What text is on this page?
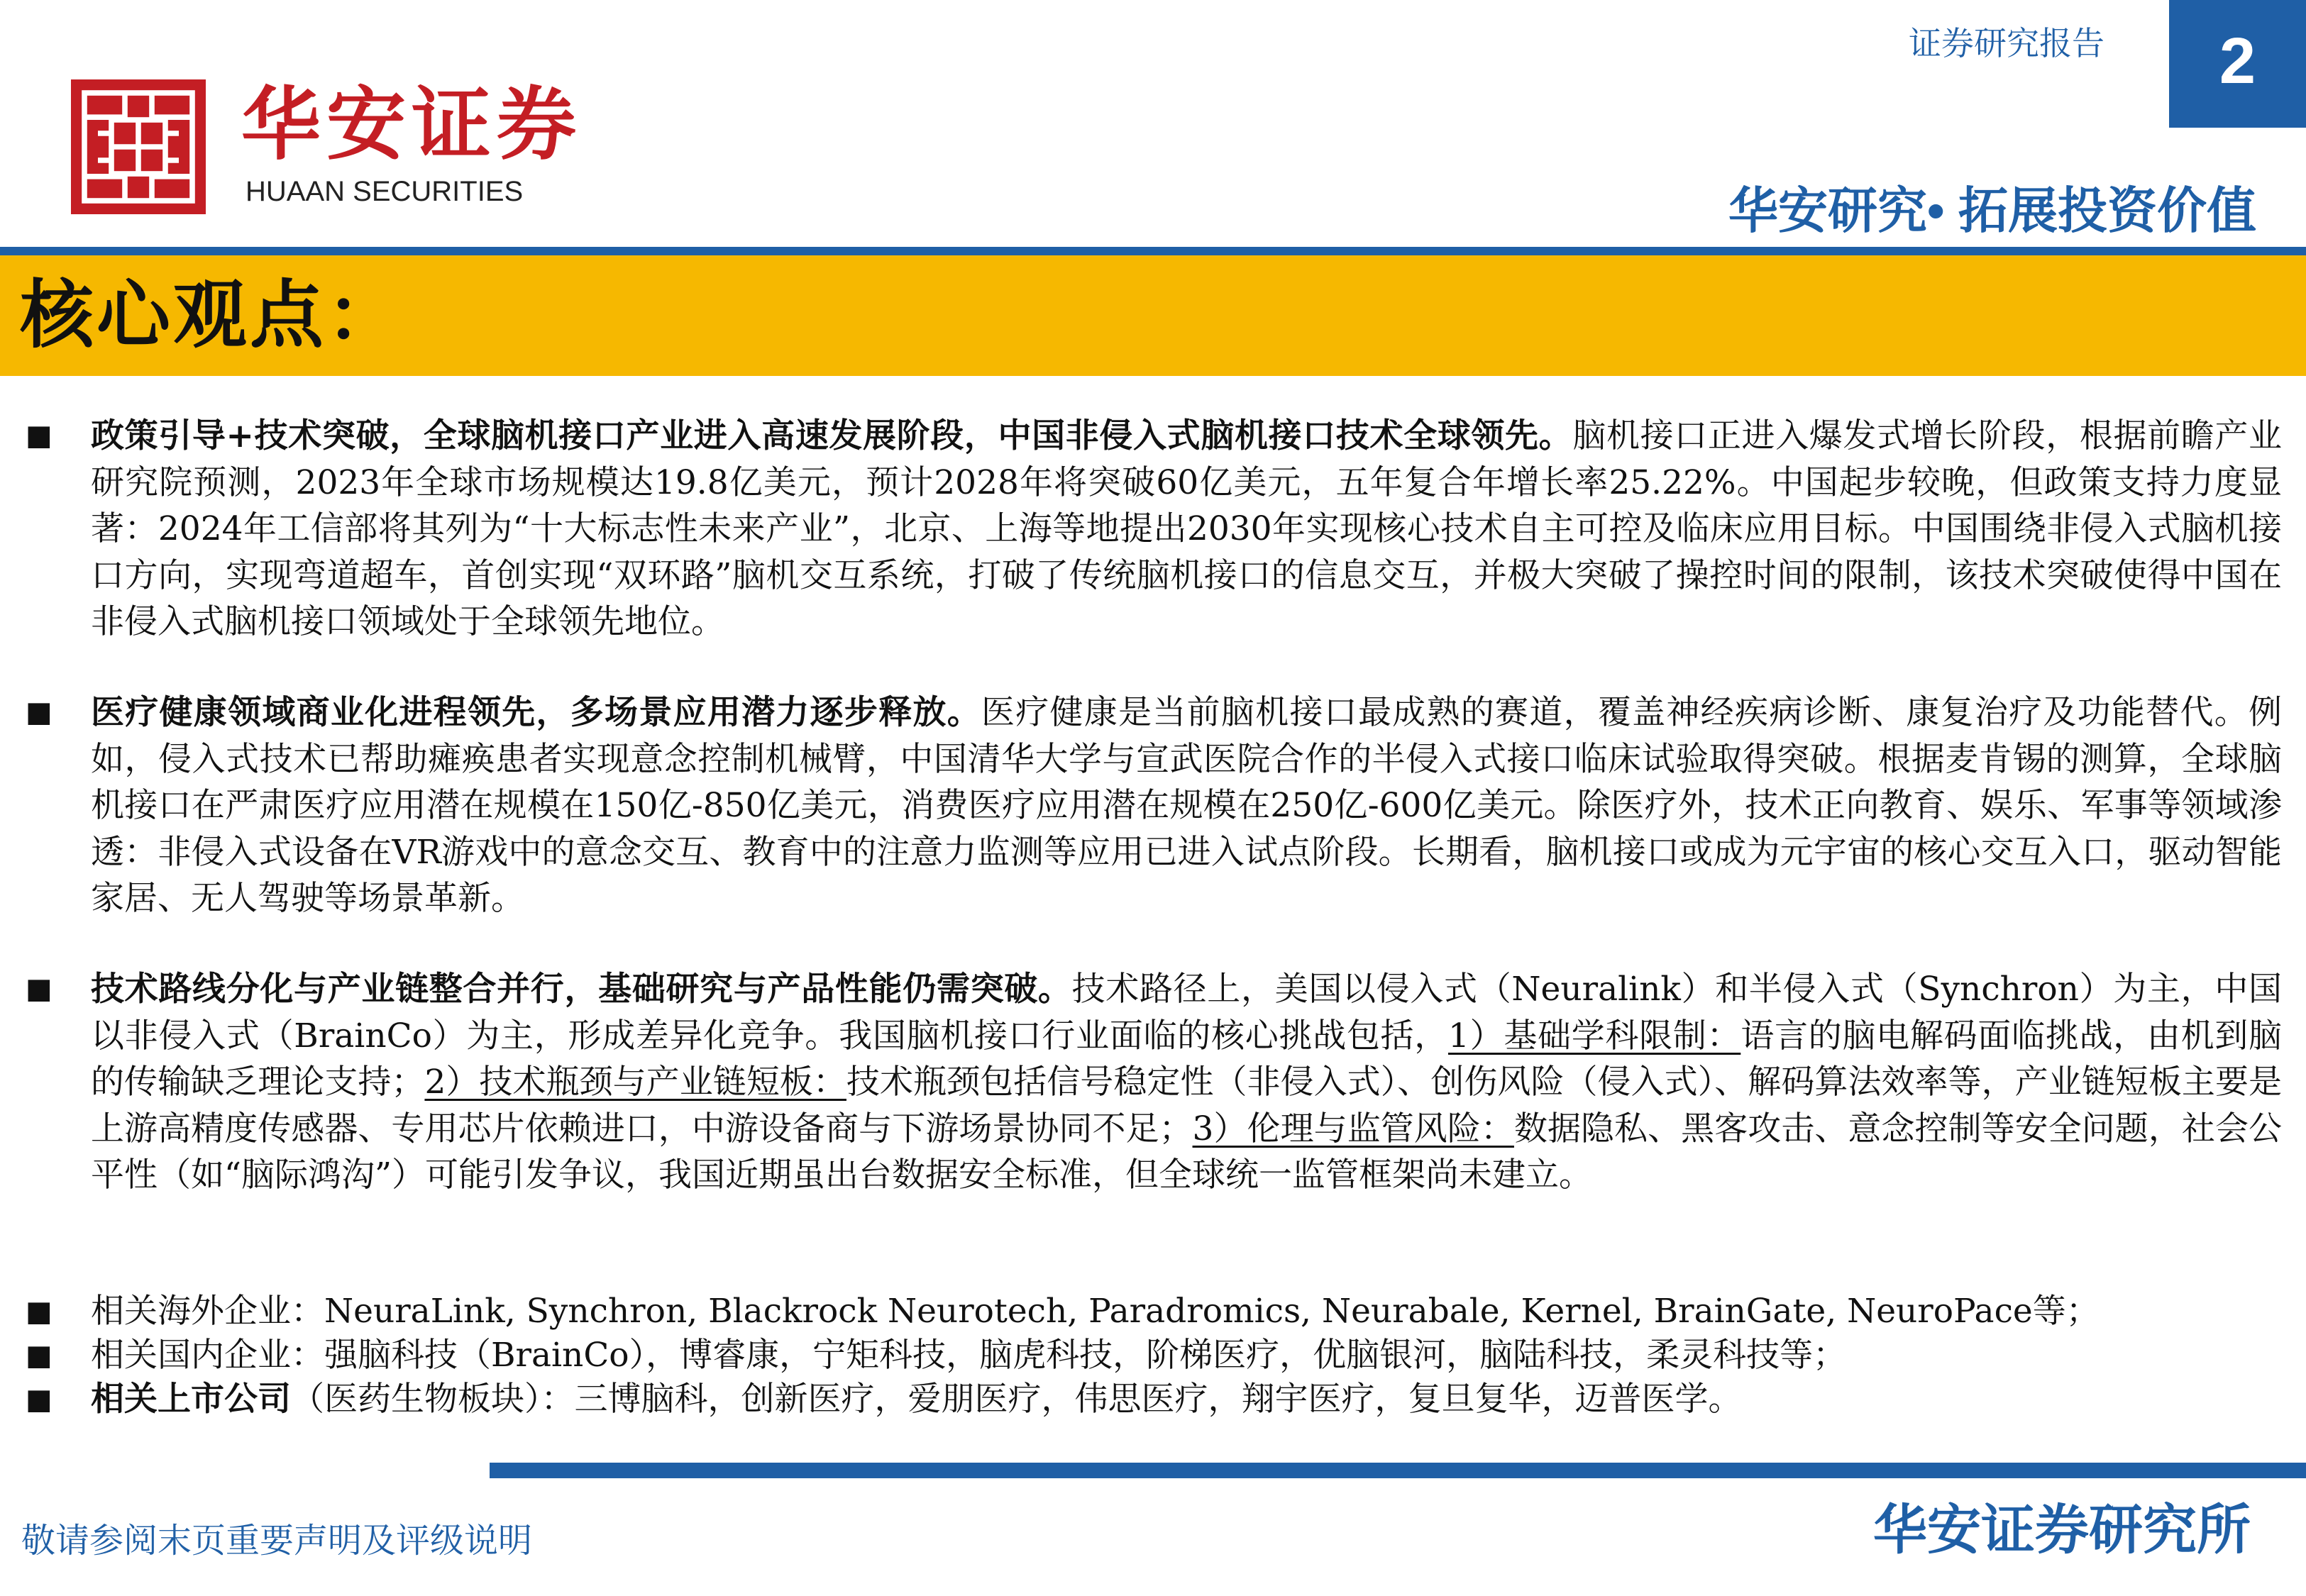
华安证券
HUAAN SECURITIES
证券研究报告	2
华安研究• 拓展投资价值
核心观点：
■ 政策引导+技术突破，全球脑机接口产业进入高速发展阶段，中国非侵入式脑机接口技术全球领先。脑机接口正进入爆发式增长阶段，根据前瞻产业研究院预测，2023年全球市场规模达19.8亿美元，预计2028年将突破60亿美元，五年复合年增长率25.22%。中国起步较晚，但政策支持力度显著：2024年工信部将其列为“十大标志性未来产业”，北京、上海等地提出2030年实现核心技术自主可控及临床应用目标。中国围绕非侵入式脑机接口方向，实现弯道超车，首创实现“双环路”脑机交互系统，打破了传统脑机接口的信息交互，并极大突破了操控时间的限制，该技术突破使得中国在非侵入式脑机接口领域处于全球领先地位。
■ 医疗健康领域商业化进程领先，多场景应用潜力逐步释放。医疗健康是当前脑机接口最成熟的赛道，覆盖神经疾病诊断、康复治疗及功能替代。例如，侵入式技术已帮助瘫痪患者实现意念控制机械臂，中国清华大学与宣武医院合作的半侵入式接口临床试验取得突破。根据麦肯锡的测算，全球脑机接口在严肃医疗应用潜在规模在150亿-850亿美元，消费医疗应用潜在规模在250亿-600亿美元。除医疗外，技术正向教育、娱乐、军事等领域渗透：非侵入式设备在VR游戏中的意念交互、教育中的注意力监测等应用已进入试点阶段。长期看，脑机接口或成为元宇宙的核心交互入口，驱动智能家居、无人驾驶等场景革新。
■ 技术路线分化与产业链整合并行，基础研究与产品性能仍需突破。技术路径上，美国以侵入式（Neuralink）和半侵入式（Synchron）为主，中国以非侵入式（BrainCo）为主，形成差异化竞争。我国脑机接口行业面临的核心挑战包括，1）基础学科限制：语言的脑电解码面临挑战，由机到脑的传输缺乏理论支持；2）技术瓶颈与产业链短板：技术瓶颈包括信号稳定性（非侵入式）、创伤风险（侵入式）、解码算法效率等，产业链短板主要是上游高精度传感器、专用芯片依赖进口，中游设备商与下游场景协同不足；3）伦理与监管风险：数据隐私、黑客攻击、意念控制等安全问题，社会公平性（如“脑际鸿沟”）可能引发争议，我国近期虽出台数据安全标准，但全球统一监管框架尚未建立。
■ 相关海外企业：NeuraLink, Synchron, Blackrock Neurotech, Paradromics, Neurabale, Kernel, BrainGate, NeuroPace等；
■ 相关国内企业：强脑科技（BrainCo），博睿康，宁矩科技，脑虎科技，阶梯医疗，优脑银河，脑陆科技，柔灵科技等；
■ 相关上市公司（医药生物板块）：三博脑科，创新医疗，爱朋医疗，伟思医疗，翔宇医疗，复旦复华，迈普医学。
敬请参阅末页重要声明及评级说明	华安证券研究所
